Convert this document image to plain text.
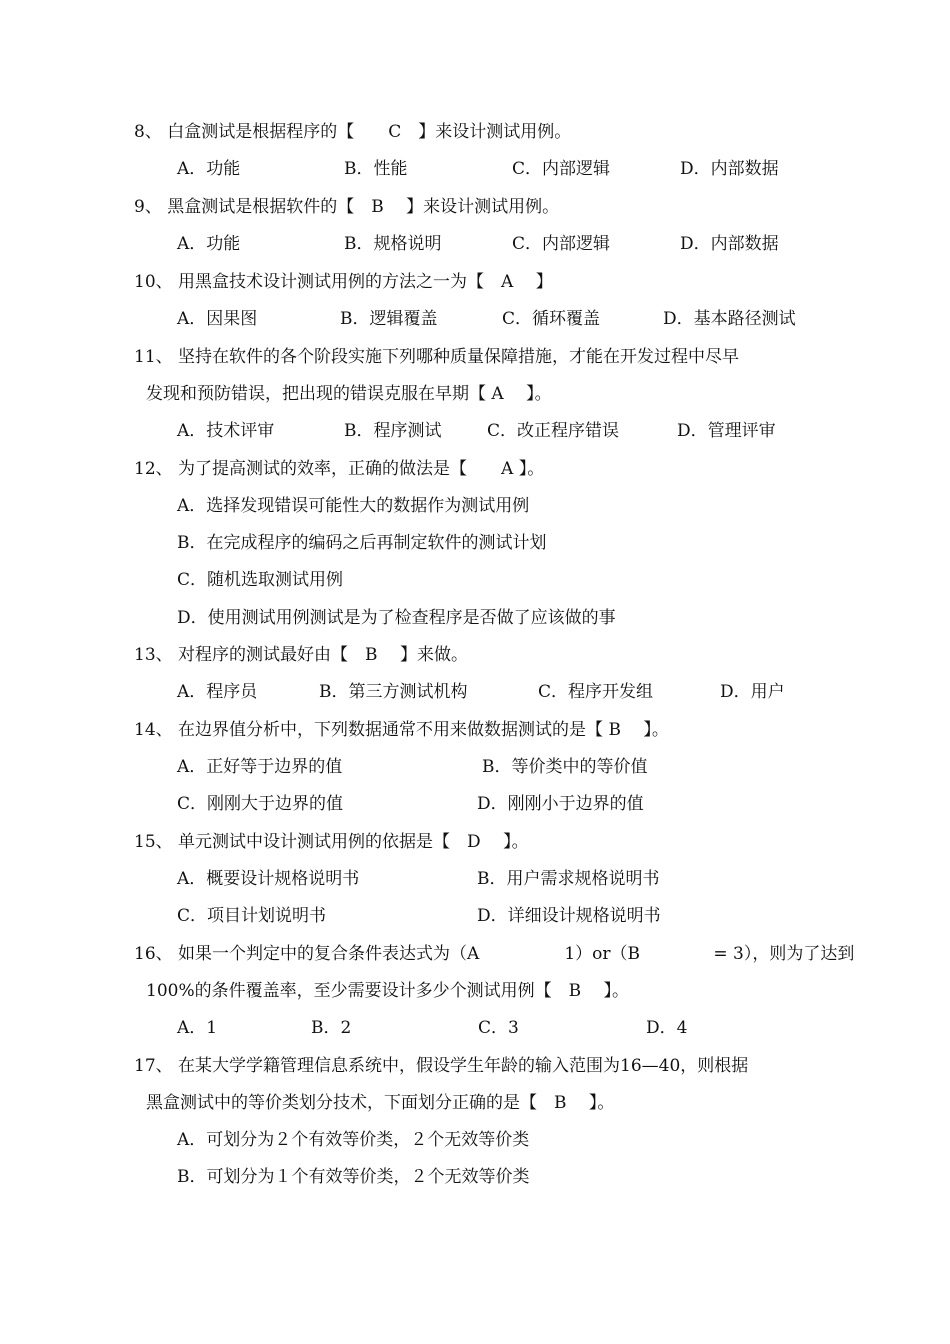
8、 白盒测试是根据程序的【　　C　】来设计测试用例。
A．功能	B．性能	C．内部逻辑	D．内部数据
9、 黑盒测试是根据软件的【　B　 】来设计测试用例。
A．功能	B．规格说明	C．内部逻辑	D．内部数据
10、 用黑盒技术设计测试用例的方法之一为【　A　 】
A．因果图	B．逻辑覆盖	C．循环覆盖	D．基本路径测试
11、 坚持在软件的各个阶段实施下列哪种质量保障措施，才能在开发过程中尽早
发现和预防错误，把出现的错误克服在早期【 A　 】。
A．技术评审	B．程序测试	C．改正程序错误	D．管理评审
12、 为了提高测试的效率，正确的做法是【　　A 】。
A．选择发现错误可能性大的数据作为测试用例
B．在完成程序的编码之后再制定软件的测试计划
C．随机选取测试用例
D．使用测试用例测试是为了检查程序是否做了应该做的事
13、 对程序的测试最好由【　B　 】来做。
A．程序员	B．第三方测试机构	C．程序开发组	D．用户
14、 在边界值分析中，下列数据通常不用来做数据测试的是【 B　 】。
A．正好等于边界的值	B．等价类中的等价值
C．刚刚大于边界的值	D．刚刚小于边界的值
15、 单元测试中设计测试用例的依据是【　D　 】。
A．概要设计规格说明书	B．用户需求规格说明书
C．项目计划说明书	D．详细设计规格说明书
16、 如果一个判定中的复合条件表达式为（A　　　　　1）or（B　　　　 = 3），则为了达到
100%的条件覆盖率，至少需要设计多少个测试用例【　B　 】。
A．1	B．2	C．3	D．4
17、 在某大学学籍管理信息系统中，假设学生年龄的输入范围为16—40，则根据
黑盒测试中的等价类划分技术，下面划分正确的是【　B　 】。
A．可划分为２个有效等价类，２个无效等价类
B．可划分为１个有效等价类，２个无效等价类
